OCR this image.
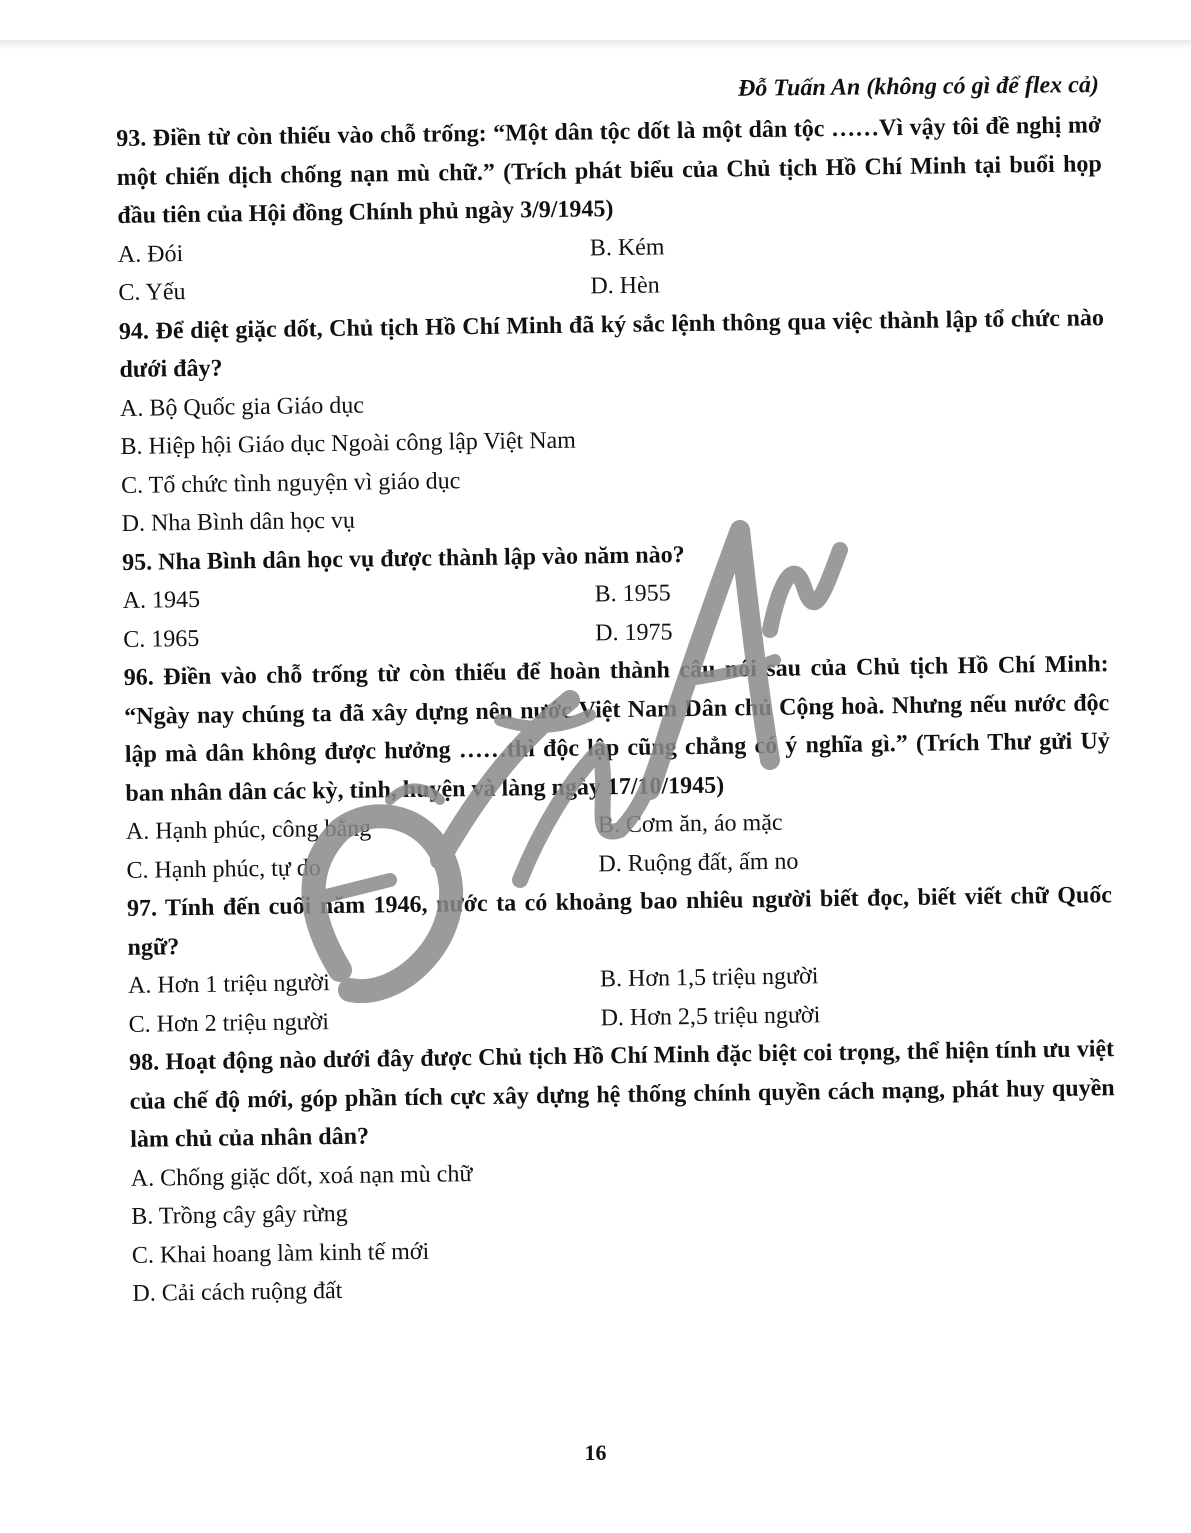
Đỗ Tuấn An (không có gì để flex cả)
93. Điền từ còn thiếu vào chỗ trống: “Một dân tộc dốt là một dân tộc ……Vì vậy tôi đề nghị mở một chiến dịch chống nạn mù chữ.” (Trích phát biểu của Chủ tịch Hồ Chí Minh tại buổi họp đầu tiên của Hội đồng Chính phủ ngày 3/9/1945)
A. Đói	B. Kém
C. Yếu	D. Hèn
94. Để diệt giặc dốt, Chủ tịch Hồ Chí Minh đã ký sắc lệnh thông qua việc thành lập tổ chức nào dưới đây?
A. Bộ Quốc gia Giáo dục
B. Hiệp hội Giáo dục Ngoài công lập Việt Nam
C. Tổ chức tình nguyện vì giáo dục
D. Nha Bình dân học vụ
95. Nha Bình dân học vụ được thành lập vào năm nào?
A. 1945	B. 1955
C. 1965	D. 1975
96. Điền vào chỗ trống từ còn thiếu để hoàn thành câu nói sau của Chủ tịch Hồ Chí Minh: “Ngày nay chúng ta đã xây dựng nên nước Việt Nam Dân chủ Cộng hoà. Nhưng nếu nước độc lập mà dân không được hưởng ……thì độc lập cũng chẳng có ý nghĩa gì.” (Trích Thư gửi Uỷ ban nhân dân các kỳ, tỉnh, huyện và làng ngày 17/10/1945)
A. Hạnh phúc, công bằng	B. Cơm ăn, áo mặc
C. Hạnh phúc, tự do	D. Ruộng đất, ấm no
97. Tính đến cuối năm 1946, nước ta có khoảng bao nhiêu người biết đọc, biết viết chữ Quốc ngữ?
A. Hơn 1 triệu người	B. Hơn 1,5 triệu người
C. Hơn 2 triệu người	D. Hơn 2,5 triệu người
98. Hoạt động nào dưới đây được Chủ tịch Hồ Chí Minh đặc biệt coi trọng, thể hiện tính ưu việt của chế độ mới, góp phần tích cực xây dựng hệ thống chính quyền cách mạng, phát huy quyền làm chủ của nhân dân?
A. Chống giặc dốt, xoá nạn mù chữ
B. Trồng cây gây rừng
C. Khai hoang làm kinh tế mới
D. Cải cách ruộng đất
16
